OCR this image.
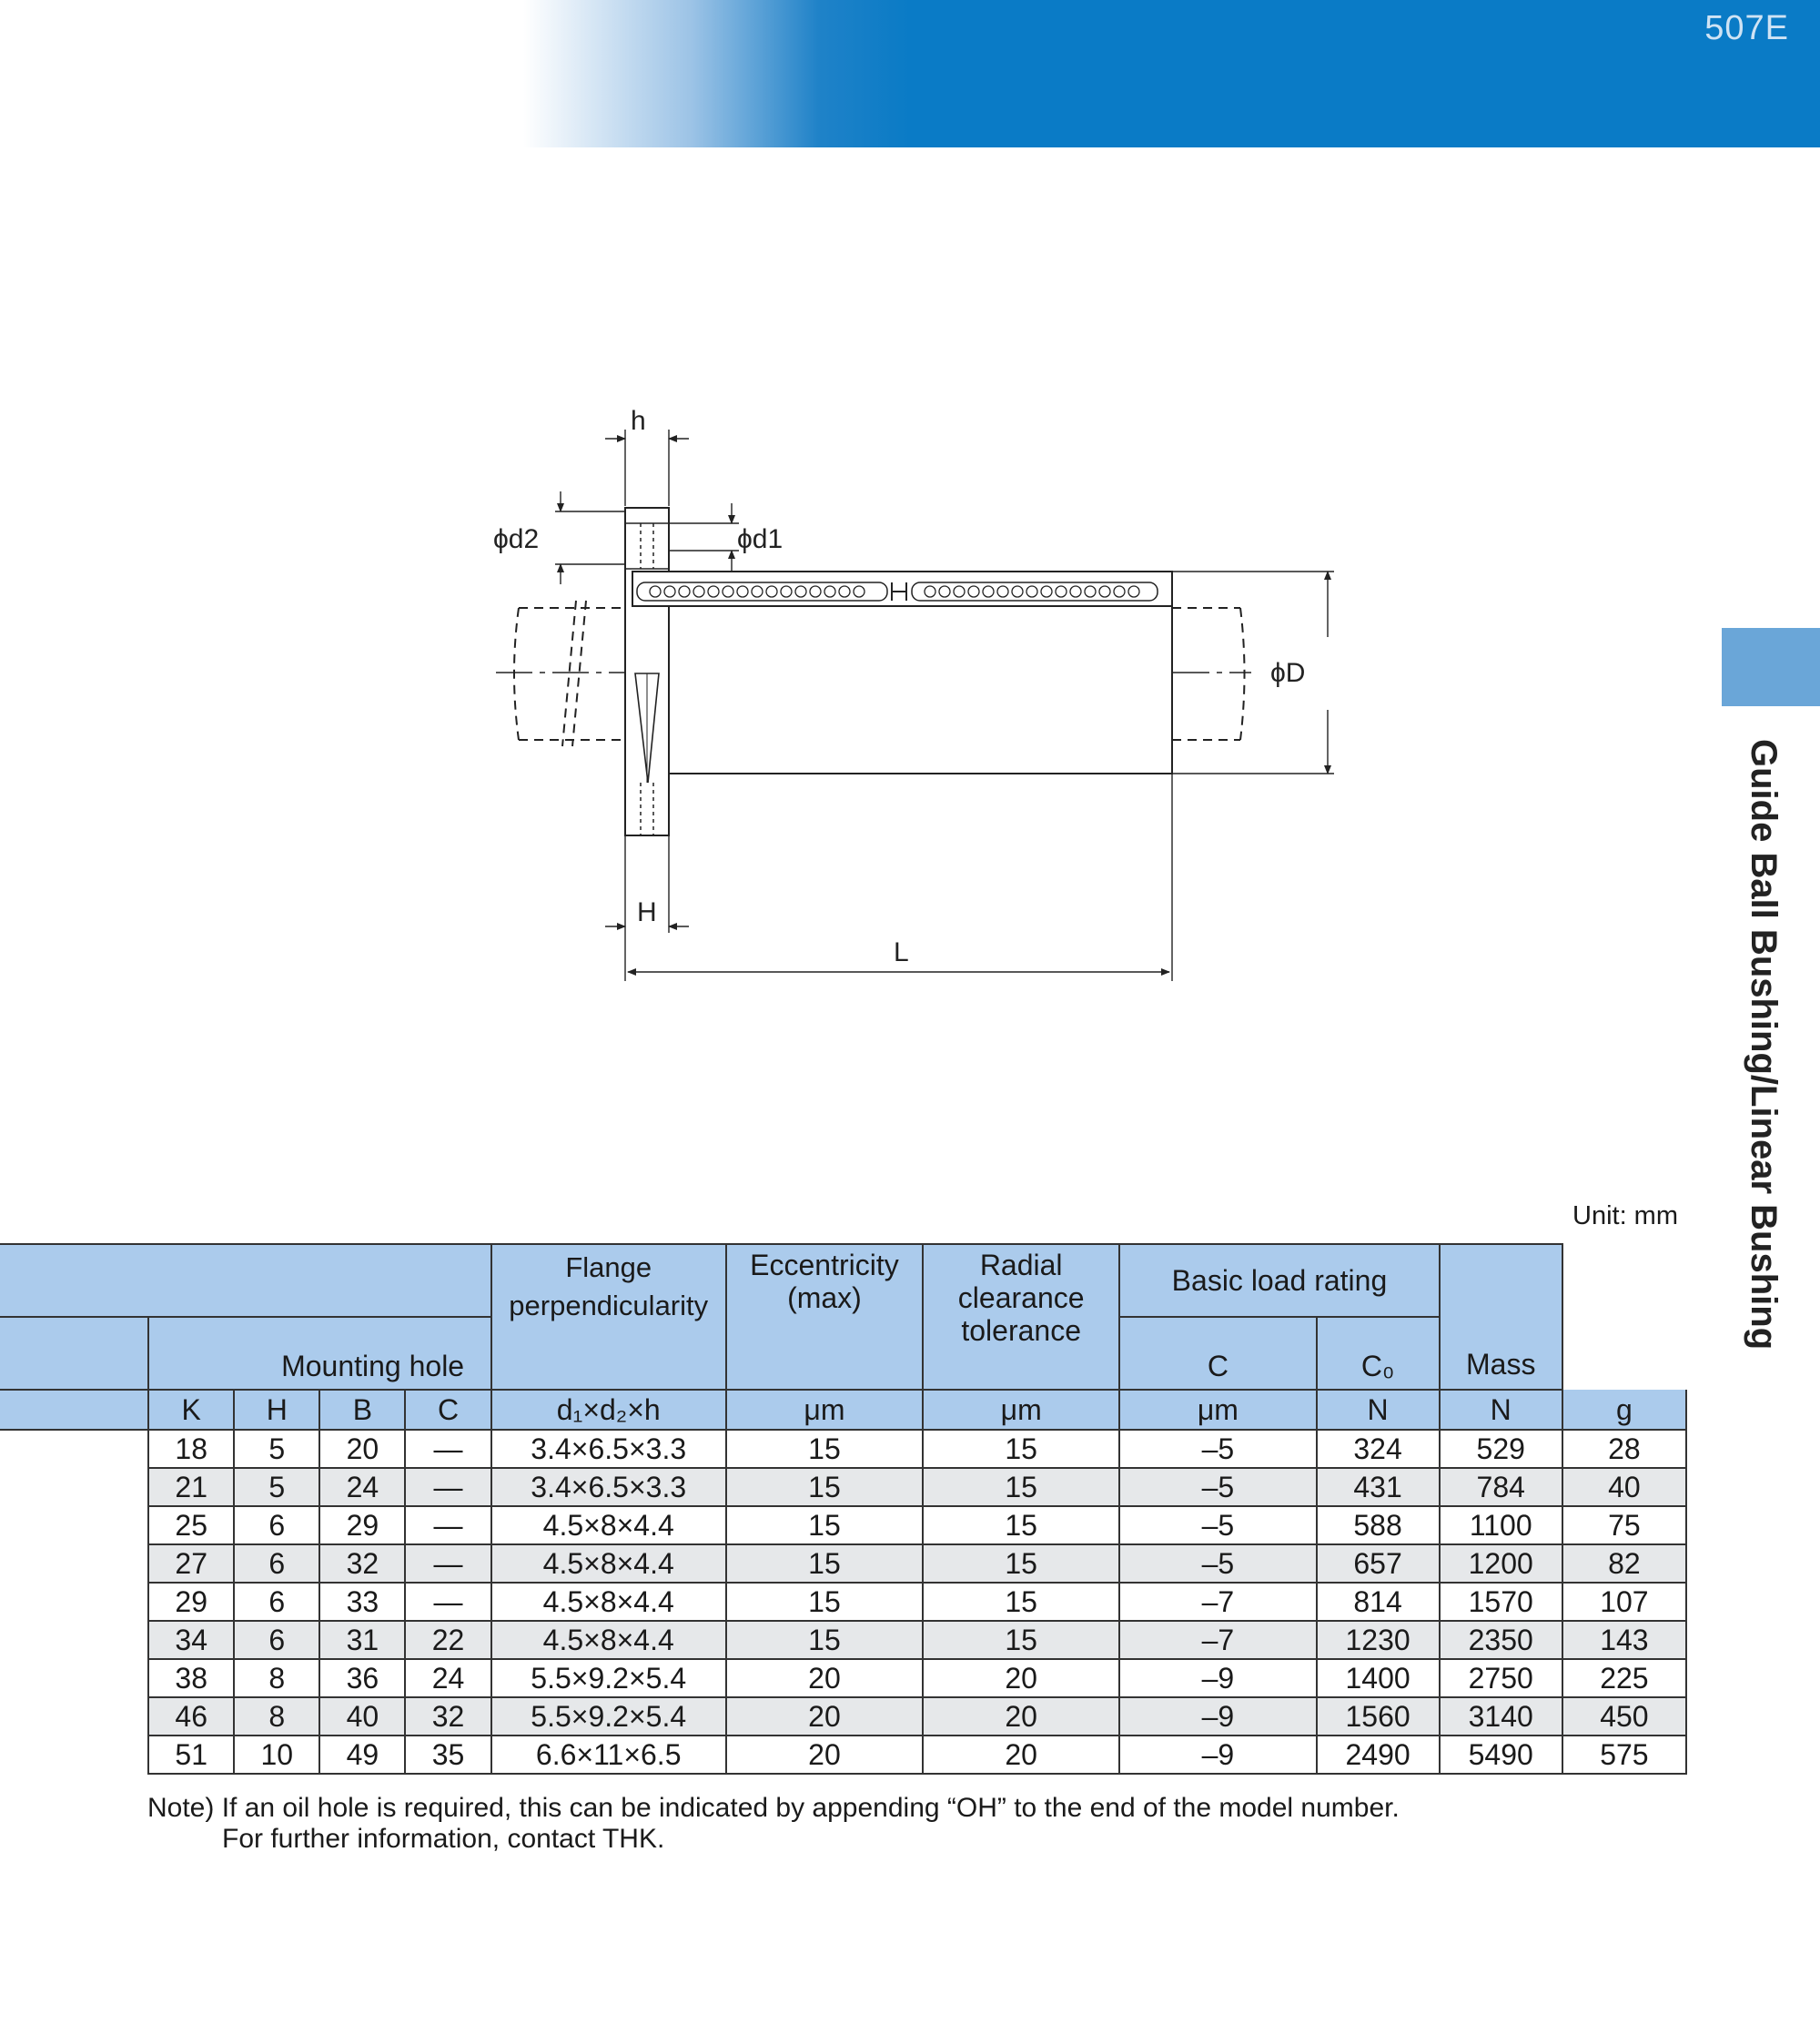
507E
Guide Ball Bushing/Linear Bushing
h
ϕd2	ϕd1
ϕD
H
L
Unit: mm
					Flange perpendicularity	Eccentricity (max)	Radial clearance tolerance	Basic load rating		Mass	

	Mounting hole							C	C₀		
	K	H	B	C	d₁×d₂×h	μm	μm	μm	N	N	g
	18	5	20	—	3.4×6.5×3.3	15	15	–5	324	529	28
	21	5	24	—	3.4×6.5×3.3	15	15	–5	431	784	40
	25	6	29	—	4.5×8×4.4	15	15	–5	588	1100	75
	27	6	32	—	4.5×8×4.4	15	15	–5	657	1200	82
	29	6	33	—	4.5×8×4.4	15	15	–7	814	1570	107
	34	6	31	22	4.5×8×4.4	15	15	–7	1230	2350	143
	38	8	36	24	5.5×9.2×5.4	20	20	–9	1400	2750	225
	46	8	40	32	5.5×9.2×5.4	20	20	–9	1560	3140	450
	51	10	49	35	6.6×11×6.5	20	20	–9	2490	5490	575
Note) If an oil hole is required, this can be indicated by appending “OH” to the end of the model number.
For further information, contact THK.
